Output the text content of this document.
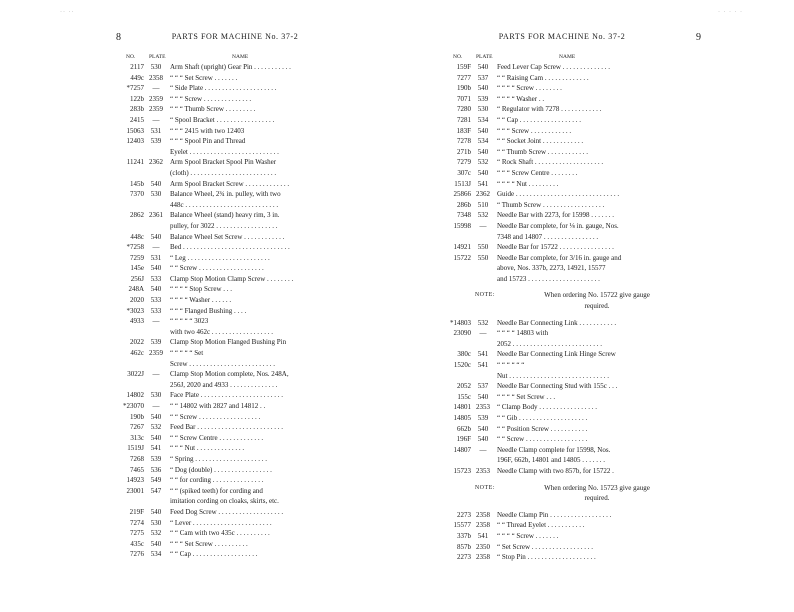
˙˙ ˙˙	˙ ˙ ˙ ˙ ˙
8	PARTS FOR MACHINE No. 37-2
NO. PLATE	NAME
2117 530	Arm Shaft (upright) Gear Pin . . . . . . . . . . .
449c 2358	“ “ “ Set Screw . . . . . . .
*7257	—	“ Side Plate . . . . . . . . . . . . . . . . . . . . .
122b 2359	“ “ “ Screw . . . . . . . . . . . . . .
283b 2359	“ “ “ Thumb Screw . . . . . . . . .
2415	—	“ Spool Bracket . . . . . . . . . . . . . . . . .
15063 531	“ “ “ 2415 with two 12403
12403 539	“ “ “ Spool Pin and Thread
Eyelet . . . . . . . . . . . . . . . . . . . . . . . . . .
11241 2362	Arm Spool Bracket Spool Pin Washer
(cloth) . . . . . . . . . . . . . . . . . . . . . . . . .
145b 540	Arm Spool Bracket Screw . . . . . . . . . . . . .
7370 530	Balance Wheel, 2¾ in. pulley, with two
448c . . . . . . . . . . . . . . . . . . . . . . . . . . .
2862 2361	Balance Wheel (stand) heavy rim, 3 in.
pulley, for 3022 . . . . . . . . . . . . . . . . . .
448c 540	Balance Wheel Set Screw . . . . . . . . . . . .
*7258	—	Bed . . . . . . . . . . . . . . . . . . . . . . . . . . . . . . .
7259 531	“ Leg . . . . . . . . . . . . . . . . . . . . . . . .
145e 540	“ “ Screw . . . . . . . . . . . . . . . . . . .
256J 533	Clamp Stop Motion Clamp Screw . . . . . . . .
248A 540	“ “ “ “ Stop Screw . . .
2020 533	“ “ “ “ Washer . . . . . .
*3023 533	“ “ “ Flanged Bushing . . . .
4933	—	“ “ “ “ “ 3023
with two 462c . . . . . . . . . . . . . . . . . .
2022 539	Clamp Stop Motion Flanged Bushing Pin
462c 2359	“ “ “ “ “ Set
Screw . . . . . . . . . . . . . . . . . . . . . . . . .
3022J	—	Clamp Stop Motion complete, Nos. 248A,
256J, 2020 and 4933 . . . . . . . . . . . . . .
14802 530	Face Plate . . . . . . . . . . . . . . . . . . . . . . . .
*23070	—	“ “ 14802 with 2827 and 14812 . .
190b 540	“ “ Screw . . . . . . . . . . . . . . . . . .
7267 532	Feed Bar . . . . . . . . . . . . . . . . . . . . . . . . .
313c 540	“ “ Screw Centre . . . . . . . . . . . . .
1519J 541	“ “ “ Nut . . . . . . . . . . . . . .
7268 539	“ Spring . . . . . . . . . . . . . . . . . . . . .
7465 536	“ Dog (double) . . . . . . . . . . . . . . . . .
14923 549	“ “ for cording . . . . . . . . . . . . . . .
23001 547	“ “ (spiked teeth) for cording and
imitation cording on cloaks, skirts, etc.
219F 540	Feed Dog Screw . . . . . . . . . . . . . . . . . . .
7274 530	“ Lever . . . . . . . . . . . . . . . . . . . . . . .
7275 532	“ “ Cam with two 435c . . . . . . . . . .
435c 540	“ “ “ Set Screw . . . . . . . . . .
7276 534	“ “ Cap . . . . . . . . . . . . . . . . . . .
PARTS FOR MACHINE No. 37-2	9
NO. PLATE	NAME
159F 540	Feed Lever Cap Screw . . . . . . . . . . . . . .
7277 537	“ “ Raising Cam . . . . . . . . . . . . .
190b 540	“ “ “ “ Screw . . . . . . . .
7071 539	“ “ “ “ Washer . .
7280 530	“ Regulator with 7278 . . . . . . . . . . . .
7281 534	“ “ Cap . . . . . . . . . . . . . . . . . .
183F 540	“ “ “ Screw . . . . . . . . . . . .
7278 534	“ “ Socket Joint . . . . . . . . . . . .
271b 540	“ “ Thumb Screw . . . . . . . . . . . .
7279 532	“ Rock Shaft . . . . . . . . . . . . . . . . . . . .
307c 540	“ “ “ Screw Centre . . . . . . . .
1513J 541	“ “ “ “ Nut . . . . . . . . .
25866 2362	Guide . . . . . . . . . . . . . . . . . . . . . . . . . . . . . .
286b 510	“ Thumb Screw . . . . . . . . . . . . . . . . . .
7348 532	Needle Bar with 2273, for 15998 . . . . . . .
15998	—	Needle Bar complete, for ⅛ in. gauge, Nos.
7348 and 14807 . . . . . . . . . . . . . . . .
14921 550	Needle Bar for 15722 . . . . . . . . . . . . . . . .
15722 550	Needle Bar complete, for 3/16 in. gauge and
above, Nos. 337b, 2273, 14921, 15577
and 15723 . . . . . . . . . . . . . . . . . . . . .
NOTE:	When ordering No. 15722 give gauge
required.
*14803 532	Needle Bar Connecting Link . . . . . . . . . . .
23090	—	“ “ “ “ 14803 with
2052 . . . . . . . . . . . . . . . . . . . . . . . . . .
380c 541	Needle Bar Connecting Link Hinge Screw
1520c 541	“ “ “ “ “ “
Nut . . . . . . . . . . . . . . . . . . . . . . . . . . . . .
2052 537	Needle Bar Connecting Stud with 155c . . .
155c 540	“ “ “ “ Set Screw . . .
14801 2353	“ Clamp Body . . . . . . . . . . . . . . . . .
14805 539	“ “ Gib . . . . . . . . . . . . . . . . . . . .
662b 540	“ “ Position Screw . . . . . . . . . . .
196F 540	“ “ Screw . . . . . . . . . . . . . . . . . .
14807	—	Needle Clamp complete for 15998, Nos.
196F, 662b, 14801 and 14805 . . . . . . .
15723 2353	Needle Clamp with two 857b, for 15722 .
NOTE:	When ordering No. 15723 give gauge
required.
2273 2358	Needle Clamp Pin . . . . . . . . . . . . . . . . . .
15577 2358	“ “ Thread Eyelet . . . . . . . . . . .
337b 541	“ “ “ “ Screw . . . . . . .
857b 2350	“ Set Screw . . . . . . . . . . . . . . . . . .
2273 2358	“ Stop Pin . . . . . . . . . . . . . . . . . . . .
